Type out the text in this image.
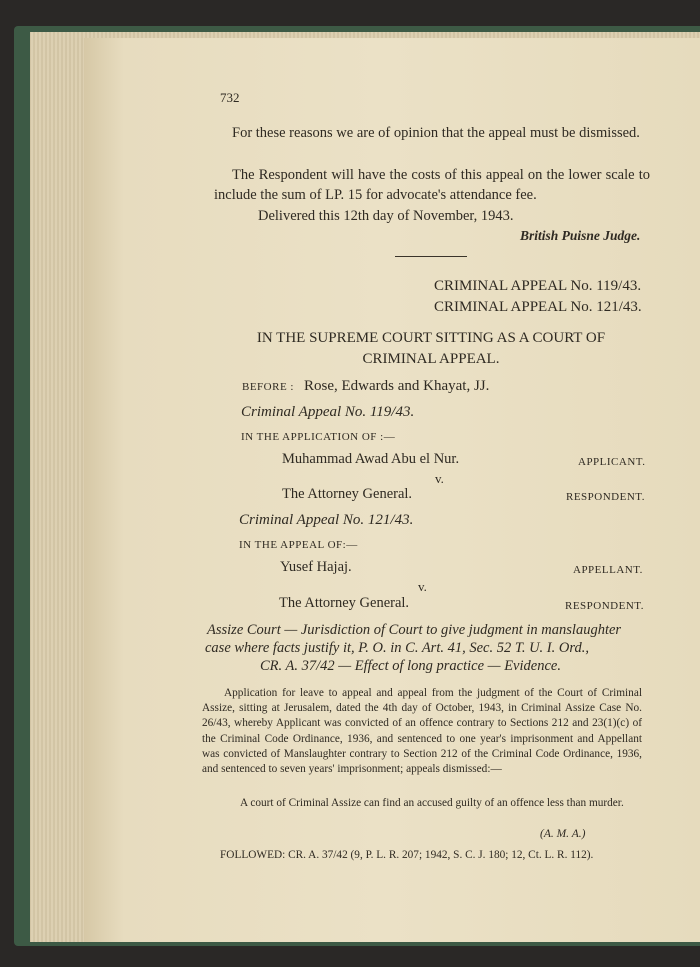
732
For these reasons we are of opinion that the appeal must be dismissed.
The Respondent will have the costs of this appeal on the lower scale to include the sum of LP. 15 for advocate's attendance fee.
Delivered this 12th day of November, 1943.
British Puisne Judge.
CRIMINAL APPEAL No. 119/43.
CRIMINAL APPEAL No. 121/43.
IN THE SUPREME COURT SITTING AS A COURT OF CRIMINAL APPEAL.
BEFORE : Rose, Edwards and Khayat, JJ.
Criminal Appeal No. 119/43.
IN THE APPLICATION OF :—
Muhammad Awad Abu el Nur.	APPLICANT.
v.
The Attorney General.	RESPONDENT.
Criminal Appeal No. 121/43.
IN THE APPEAL OF:—
Yusef Hajaj.	APPELLANT.
v.
The Attorney General.	RESPONDENT.
Assize Court — Jurisdiction of Court to give judgment in manslaughter
case where facts justify it, P. O. in C. Art. 41, Sec. 52 T. U. I. Ord.,
CR. A. 37/42 — Effect of long practice — Evidence.
Application for leave to appeal and appeal from the judgment of the Court of Criminal Assize, sitting at Jerusalem, dated the 4th day of October, 1943, in Criminal Assize Case No. 26/43, whereby Applicant was convicted of an offence contrary to Sections 212 and 23(1)(c) of the Criminal Code Ordinance, 1936, and sentenced to one year's imprisonment and Appellant was convicted of Manslaughter contrary to Section 212 of the Criminal Code Ordinance, 1936, and sentenced to seven years' imprisonment; appeals dismissed:—
A court of Criminal Assize can find an accused guilty of an offence less than murder.
(A. M. A.)
FOLLOWED: CR. A. 37/42 (9, P. L. R. 207; 1942, S. C. J. 180; 12, Ct. L. R. 112).
